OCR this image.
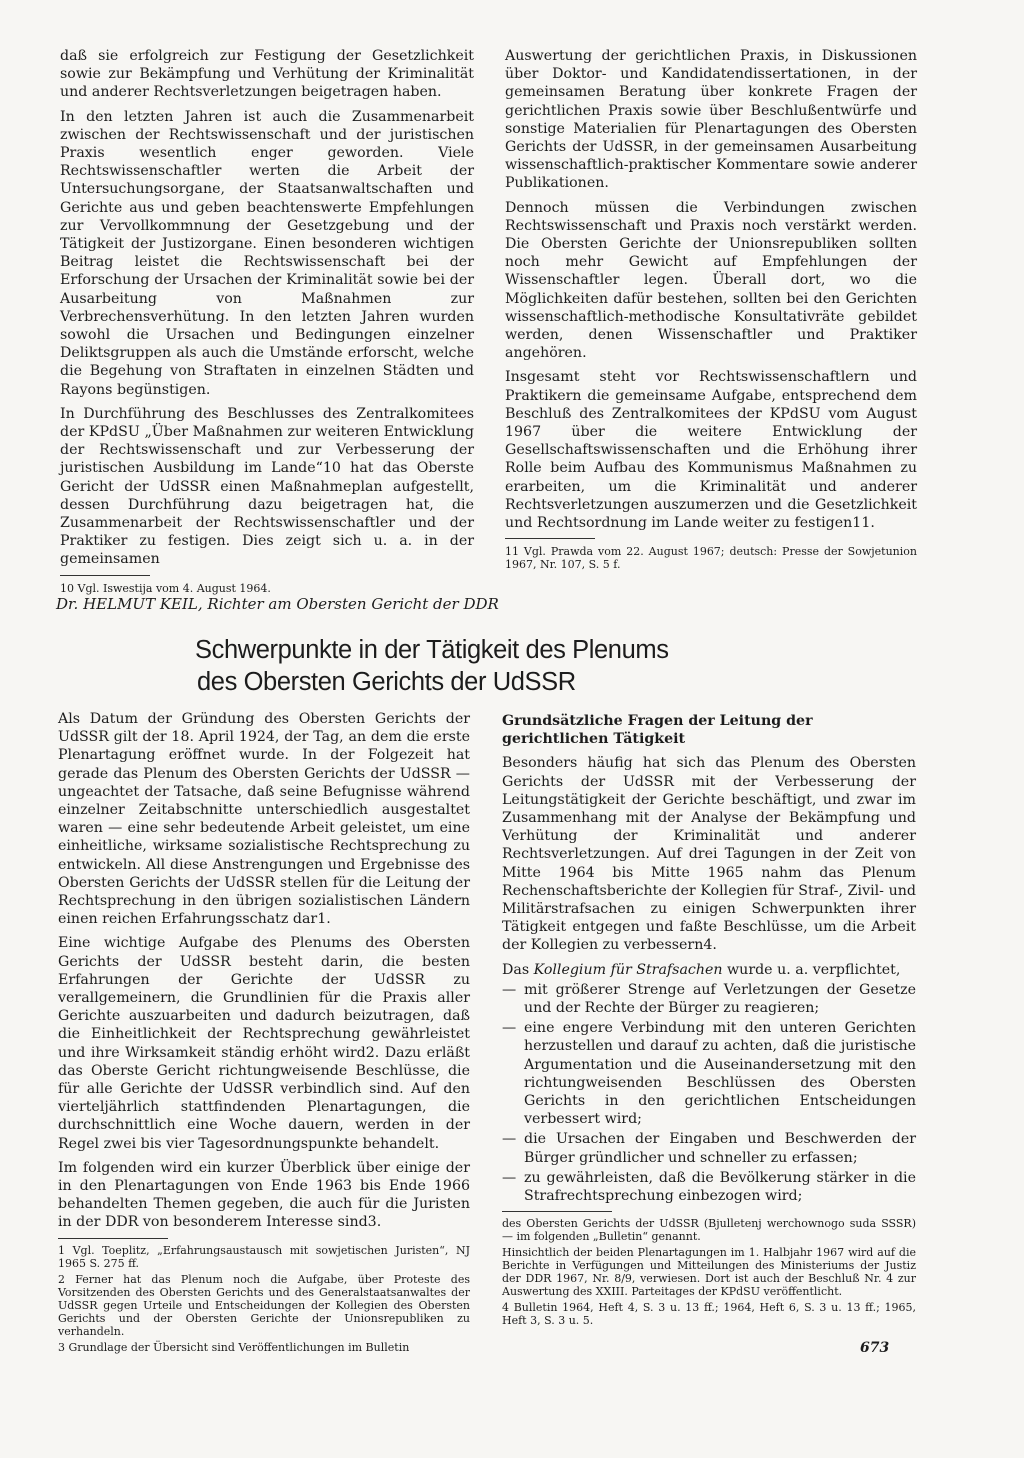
daß sie erfolgreich zur Festigung der Gesetzlichkeit sowie zur Bekämpfung und Verhütung der Kriminalität und anderer Rechtsverletzungen beigetragen haben.

In den letzten Jahren ist auch die Zusammenarbeit zwischen der Rechtswissenschaft und der juristischen Praxis wesentlich enger geworden. Viele Rechtswissenschaftler werten die Arbeit der Untersuchungsorgane, der Staatsanwaltschaften und Gerichte aus und geben beachtenswerte Empfehlungen zur Vervollkommnung der Gesetzgebung und der Tätigkeit der Justizorgane. Einen besonderen wichtigen Beitrag leistet die Rechtswissenschaft bei der Erforschung der Ursachen der Kriminalität sowie bei der Ausarbeitung von Maßnahmen zur Verbrechensverhütung. In den letzten Jahren wurden sowohl die Ursachen und Bedingungen einzelner Deliktsgruppen als auch die Umstände erforscht, welche die Begehung von Straftaten in einzelnen Städten und Rayons begünstigen.

In Durchführung des Beschlusses des Zentralkomitees der KPdSU „Über Maßnahmen zur weiteren Entwicklung der Rechtswissenschaft und zur Verbesserung der juristischen Ausbildung im Lande“10 hat das Oberste Gericht der UdSSR einen Maßnahmeplan aufgestellt, dessen Durchführung dazu beigetragen hat, die Zusammenarbeit der Rechtswissenschaftler und der Praktiker zu festigen. Dies zeigt sich u. a. in der gemeinsamen

10 Vgl. Iswestija vom 4. August 1964.

Auswertung der gerichtlichen Praxis, in Diskussionen über Doktor- und Kandidatendissertationen, in der gemeinsamen Beratung über konkrete Fragen der gerichtlichen Praxis sowie über Beschlußentwürfe und sonstige Materialien für Plenartagungen des Obersten Gerichts der UdSSR, in der gemeinsamen Ausarbeitung wissenschaftlich-praktischer Kommentare sowie anderer Publikationen.

Dennoch müssen die Verbindungen zwischen Rechtswissenschaft und Praxis noch verstärkt werden. Die Obersten Gerichte der Unionsrepubliken sollten noch mehr Gewicht auf Empfehlungen der Wissenschaftler legen. Überall dort, wo die Möglichkeiten dafür bestehen, sollten bei den Gerichten wissenschaftlich-methodische Konsultativräte gebildet werden, denen Wissenschaftler und Praktiker angehören.

Insgesamt steht vor Rechtswissenschaftlern und Praktikern die gemeinsame Aufgabe, entsprechend dem Beschluß des Zentralkomitees der KPdSU vom August 1967 über die weitere Entwicklung der Gesellschaftswissenschaften und die Erhöhung ihrer Rolle beim Aufbau des Kommunismus Maßnahmen zu erarbeiten, um die Kriminalität und anderer Rechtsverletzungen auszumerzen und die Gesetzlichkeit und Rechtsordnung im Lande weiter zu festigen11.

11 Vgl. Prawda vom 22. August 1967; deutsch: Presse der Sowjetunion 1967, Nr. 107, S. 5 f.

Dr. HELMUT KEIL, Richter am Obersten Gericht der DDR
Schwerpunkte in der Tätigkeit des Plenums
des Obersten Gerichts der UdSSR

Als Datum der Gründung des Obersten Gerichts der UdSSR gilt der 18. April 1924, der Tag, an dem die erste Plenartagung eröffnet wurde. In der Folgezeit hat gerade das Plenum des Obersten Gerichts der UdSSR — ungeachtet der Tatsache, daß seine Befugnisse während einzelner Zeitabschnitte unterschiedlich ausgestaltet waren — eine sehr bedeutende Arbeit geleistet, um eine einheitliche, wirksame sozialistische Rechtsprechung zu entwickeln. All diese Anstrengungen und Ergebnisse des Obersten Gerichts der UdSSR stellen für die Leitung der Rechtsprechung in den übrigen sozialistischen Ländern einen reichen Erfahrungsschatz dar1.

Eine wichtige Aufgabe des Plenums des Obersten Gerichts der UdSSR besteht darin, die besten Erfahrungen der Gerichte der UdSSR zu verallgemeinern, die Grundlinien für die Praxis aller Gerichte auszuarbeiten und dadurch beizutragen, daß die Einheitlichkeit der Rechtsprechung gewährleistet und ihre Wirksamkeit ständig erhöht wird2. Dazu erläßt das Oberste Gericht richtungweisende Beschlüsse, die für alle Gerichte der UdSSR verbindlich sind. Auf den vierteljährlich stattfindenden Plenartagungen, die durchschnittlich eine Woche dauern, werden in der Regel zwei bis vier Tagesordnungspunkte behandelt.

Im folgenden wird ein kurzer Überblick über einige der in den Plenartagungen von Ende 1963 bis Ende 1966 behandelten Themen gegeben, die auch für die Juristen in der DDR von besonderem Interesse sind3.

1 Vgl. Toeplitz, „Erfahrungsaustausch mit sowjetischen Juristen“, NJ 1965 S. 275 ff.

2 Ferner hat das Plenum noch die Aufgabe, über Proteste des Vorsitzenden des Obersten Gerichts und des Generalstaatsanwaltes der UdSSR gegen Urteile und Entscheidungen der Kollegien des Obersten Gerichts und der Obersten Gerichte der Unionsrepubliken zu verhandeln.

3 Grundlage der Übersicht sind Veröffentlichungen im Bulletin

Grundsätzliche Fragen der Leitung der gerichtlichen Tätigkeit

Besonders häufig hat sich das Plenum des Obersten Gerichts der UdSSR mit der Verbesserung der Leitungstätigkeit der Gerichte beschäftigt, und zwar im Zusammenhang mit der Analyse der Bekämpfung und Verhütung der Kriminalität und anderer Rechtsverletzungen. Auf drei Tagungen in der Zeit von Mitte 1964 bis Mitte 1965 nahm das Plenum Rechenschaftsberichte der Kollegien für Straf-, Zivil- und Militärstrafsachen zu einigen Schwerpunkten ihrer Tätigkeit entgegen und faßte Beschlüsse, um die Arbeit der Kollegien zu verbessern4.

Das Kollegium für Strafsachen wurde u. a. verpflichtet,

— mit größerer Strenge auf Verletzungen der Gesetze und der Rechte der Bürger zu reagieren;
— eine engere Verbindung mit den unteren Gerichten herzustellen und darauf zu achten, daß die juristische Argumentation und die Auseinandersetzung mit den richtungweisenden Beschlüssen des Obersten Gerichts in den gerichtlichen Entscheidungen verbessert wird;
— die Ursachen der Eingaben und Beschwerden der Bürger gründlicher und schneller zu erfassen;
— zu gewährleisten, daß die Bevölkerung stärker in die Strafrechtsprechung einbezogen wird;

des Obersten Gerichts der UdSSR (Bjulletenj werchownogo suda SSSR) — im folgenden „Bulletin“ genannt.

Hinsichtlich der beiden Plenartagungen im 1. Halbjahr 1967 wird auf die Berichte in Verfügungen und Mitteilungen des Ministeriums der Justiz der DDR 1967, Nr. 8/9, verwiesen. Dort ist auch der Beschluß Nr. 4 zur Auswertung des XXIII. Parteitages der KPdSU veröffentlicht.

4 Bulletin 1964, Heft 4, S. 3 u. 13 ff.; 1964, Heft 6, S. 3 u. 13 ff.; 1965, Heft 3, S. 3 u. 5.

673
